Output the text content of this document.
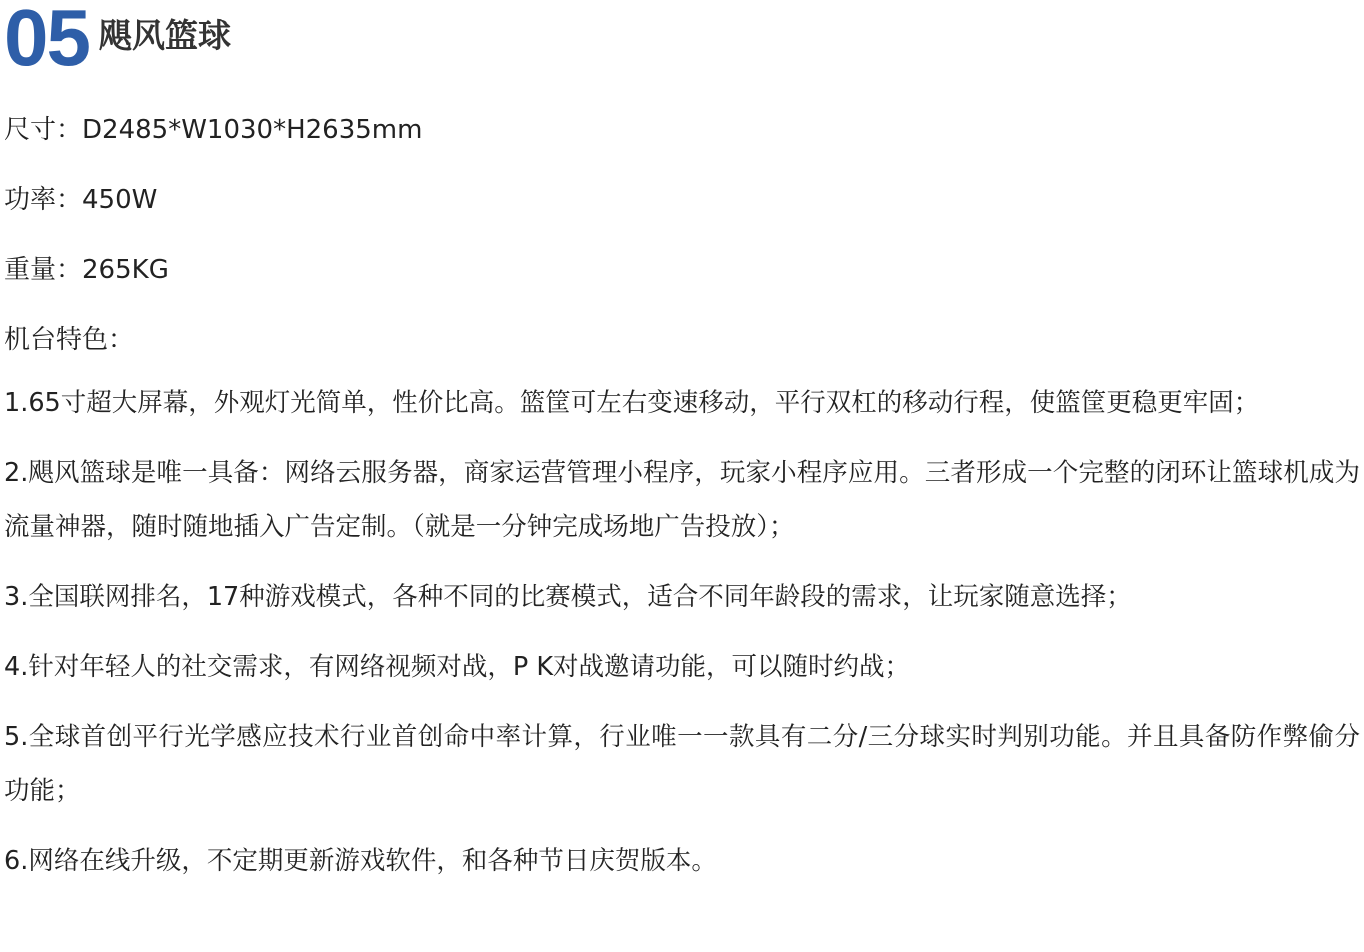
05 飓风篮球
尺寸：D2485*W1030*H2635mm
功率：450W
重量：265KG
机台特色：

1.65寸超大屏幕，外观灯光简单，性价比高。篮筐可左右变速移动，平行双杠的移动行程，使篮筐更稳更牢固；

2.飓风篮球是唯一具备：网络云服务器，商家运营管理小程序，玩家小程序应用。三者形成一个完整的闭环让篮球机成为流量神器，随时随地插入广告定制。（就是一分钟完成场地广告投放）；

3.全国联网排名，17种游戏模式，各种不同的比赛模式，适合不同年龄段的需求，让玩家随意选择；

4.针对年轻人的社交需求，有网络视频对战，P K对战邀请功能，可以随时约战；

5.全球首创平行光学感应技术行业首创命中率计算，行业唯一一款具有二分/三分球实时判别功能。并且具备防作弊偷分功能；

6.网络在线升级，不定期更新游戏软件，和各种节日庆贺版本。
